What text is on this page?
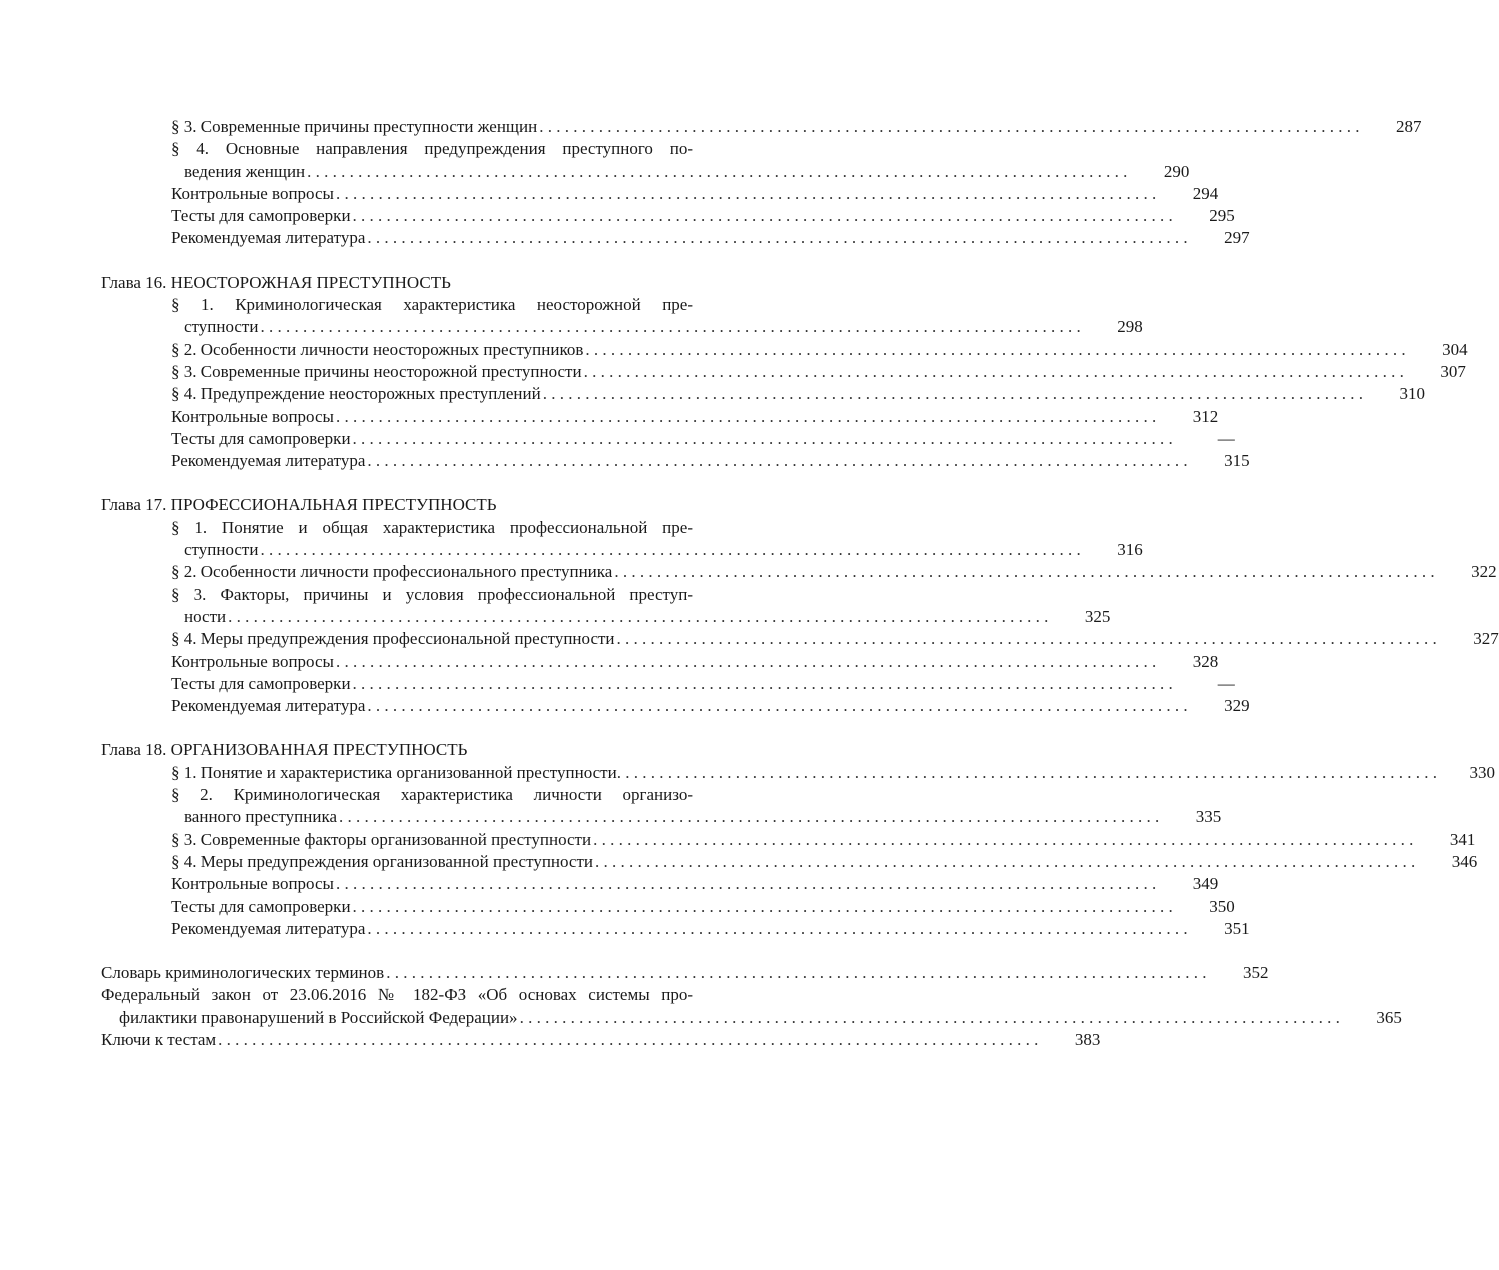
§ 3. Современные причины преступности женщин . . .	287
§ 4. Основные направления предупреждения преступного по-
ведения женщин . . .	290
Контрольные вопросы . . .	294
Тесты для самопроверки . . .	295
Рекомендуемая литература . . .	297
Глава 16. НЕОСТОРОЖНАЯ ПРЕСТУПНОСТЬ
§ 1. Криминологическая характеристика неосторожной пре-
ступности . . .	298
§ 2. Особенности личности неосторожных преступников . . .	304
§ 3. Современные причины неосторожной преступности . . .	307
§ 4. Предупреждение неосторожных преступлений . . .	310
Контрольные вопросы . . .	312
Тесты для самопроверки . . .	—
Рекомендуемая литература . . .	315
Глава 17. ПРОФЕССИОНАЛЬНАЯ ПРЕСТУПНОСТЬ
§ 1. Понятие и общая характеристика профессиональной пре-
ступности . . .	316
§ 2. Особенности личности профессионального преступника . . .	322
§ 3. Факторы, причины и условия профессиональной преступ-
ности . . .	325
§ 4. Меры предупреждения профессиональной преступности . . .	327
Контрольные вопросы . . .	328
Тесты для самопроверки . . .	—
Рекомендуемая литература . . .	329
Глава 18. ОРГАНИЗОВАННАЯ ПРЕСТУПНОСТЬ
§ 1. Понятие и характеристика организованной преступности . . .	330
§ 2. Криминологическая характеристика личности организо-
ванного преступника . . .	335
§ 3. Современные факторы организованной преступности . . .	341
§ 4. Меры предупреждения организованной преступности . . .	346
Контрольные вопросы . . .	349
Тесты для самопроверки . . .	350
Рекомендуемая литература . . .	351
Словарь криминологических терминов . . .	352
Федеральный закон от 23.06.2016 № 182-ФЗ «Об основах системы про-
филактики правонарушений в Российской Федерации» . . .	365
Ключи к тестам . . .	383
